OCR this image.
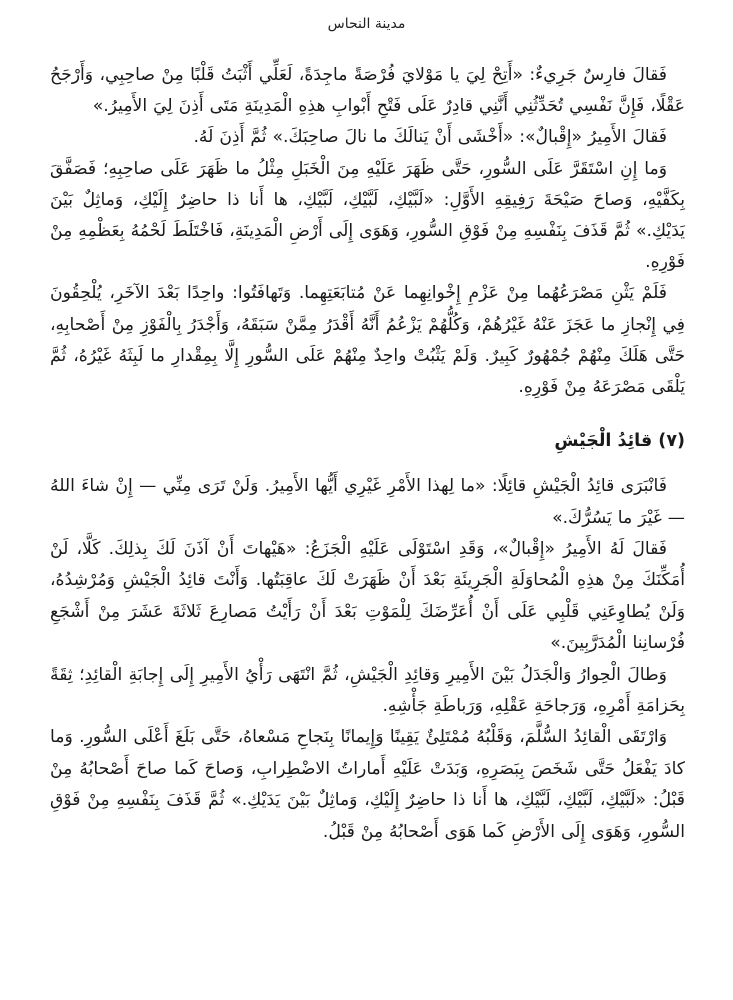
مدينة النحاس

فَقالَ فارِسٌ جَرِيءٌ: «أَتِحْ لِيَ يا مَوْلايَ فُرْصَةً ماجِدَةً، لَعَلِّي أَثْبَتُ قَلْبًا مِنْ صاحِبِي، وَأَرْجَحُ عَقْلًا، فَإِنَّ نَفْسِي تُحَدِّثُنِي أَنَّنِي قادِرٌ عَلَى فَتْحِ أَبْوابِ هذِهِ الْمَدِينَةِ مَتَى أَذِنَ لِيَ الأَمِيرُ.»

فَقالَ الأَمِيرُ «إِقْبالٌ»: «أَخْشَى أَنْ يَنالَكَ ما نالَ صاحِبَكَ.» ثُمَّ أَذِنَ لَهُ.

وَما إِنِ اسْتَقَرَّ عَلَى السُّورِ، حَتَّى ظَهَرَ عَلَيْهِ مِنَ الْخَبَلِ مِثْلُ ما ظَهَرَ عَلَى صاحِبِهِ؛ فَصَفَّقَ بِكَفَّيْهِ، وَصاحَ صَيْحَةَ رَفِيقِهِ الأَوَّلِ: «لَبَّيْكِ، لَبَّيْكِ، لَبَّيْكِ، ها أَنا ذا حاضِرٌ إِلَيْكِ، وَماثِلٌ بَيْنَ يَدَيْكِ.» ثُمَّ قَذَفَ بِنَفْسِهِ مِنْ فَوْقِ السُّورِ، وَهَوَى إِلَى أَرْضِ الْمَدِينَةِ، فَاخْتَلَطَ لَحْمُهُ بِعَظْمِهِ مِنْ فَوْرِهِ.

فَلَمْ يَثْنِ مَصْرَعُهُما مِنْ عَزْمِ إِخْوانِهِما عَنْ مُتابَعَتِهِما. وَتَهافَتُوا: واحِدًا بَعْدَ الآخَرِ، يُلْحِقُونَ فِي إِنْجازِ ما عَجَزَ عَنْهُ غَيْرُهُمْ، وَكُلُّهُمْ يَزْعُمُ أَنَّهُ أَقْدَرُ مِمَّنْ سَبَقَهُ، وَأَجْدَرُ بِالْفَوْزِ مِنْ أَصْحابِهِ، حَتَّى هَلَكَ مِنْهُمْ جُمْهُورٌ كَبِيرٌ. وَلَمْ يَثْبُتْ واحِدٌ مِنْهُمْ عَلَى السُّورِ إِلَّا بِمِقْدارِ ما لَبِثَهُ غَيْرُهُ، ثُمَّ يَلْقَى مَصْرَعَهُ مِنْ فَوْرِهِ.

(٧) قائِدُ الْجَيْشِ

فَانْبَرَى قائِدُ الْجَيْشِ قائِلًا: «ما لِهذا الأَمْرِ غَيْرِي أَيُّها الأَمِيرُ. وَلَنْ تَرَى مِنِّي — إِنْ شاءَ اللهُ — غَيْرَ ما يَسُرُّكَ.»

فَقالَ لَهُ الأَمِيرُ «إِقْبالٌ»، وَقَدِ اسْتَوْلَى عَلَيْهِ الْجَزَعُ: «هَيْهاتَ أَنْ آذَنَ لَكَ بِذلِكَ. كَلَّا، لَنْ أُمَكِّنَكَ مِنْ هذِهِ الْمُحاوَلَةِ الْجَرِيئَةِ بَعْدَ أَنْ ظَهَرَتْ لَكَ عاقِبَتُها. وَأَنْتَ قائِدُ الْجَيْشِ وَمُرْشِدُهُ، وَلَنْ يُطاوِعَنِي قَلْبِي عَلَى أَنْ أُعَرِّضَكَ لِلْمَوْتِ بَعْدَ أَنْ رَأَيْتُ مَصارِعَ ثَلاثَةَ عَشَرَ مِنْ أَشْجَعِ فُرْسانِنا الْمُدَرَّبِينَ.»

وَطالَ الْحِوارُ وَالْجَدَلُ بَيْنَ الأَمِيرِ وَقائِدِ الْجَيْشِ، ثُمَّ انْتَهَى رَأْيُ الأَمِيرِ إِلَى إِجابَةِ الْقائِدِ؛ ثِقَةً بِحَزامَةِ أَمْرِهِ، وَرَجاحَةِ عَقْلِهِ، وَرَباطَةِ جَأْشِهِ.

وَارْتَقَى الْقائِدُ السُّلَّمَ، وَقَلْبُهُ مُمْتَلِئٌ يَقِينًا وَإِيمانًا بِنَجاحِ مَسْعاهُ، حَتَّى بَلَغَ أَعْلَى السُّورِ. وَما كادَ يَفْعَلُ حَتَّى شَخَصَ بِبَصَرِهِ، وَبَدَتْ عَلَيْهِ أَماراتُ الاضْطِرابِ، وَصاحَ كَما صاحَ أَصْحابُهُ مِنْ قَبْلُ: «لَبَّيْكِ، لَبَّيْكِ، لَبَّيْكِ، ها أَنا ذا حاضِرٌ إِلَيْكِ، وَماثِلٌ بَيْنَ يَدَيْكِ.» ثُمَّ قَذَفَ بِنَفْسِهِ مِنْ فَوْقِ السُّورِ، وَهَوَى إِلَى الأَرْضِ كَما هَوَى أَصْحابُهُ مِنْ قَبْلُ.
